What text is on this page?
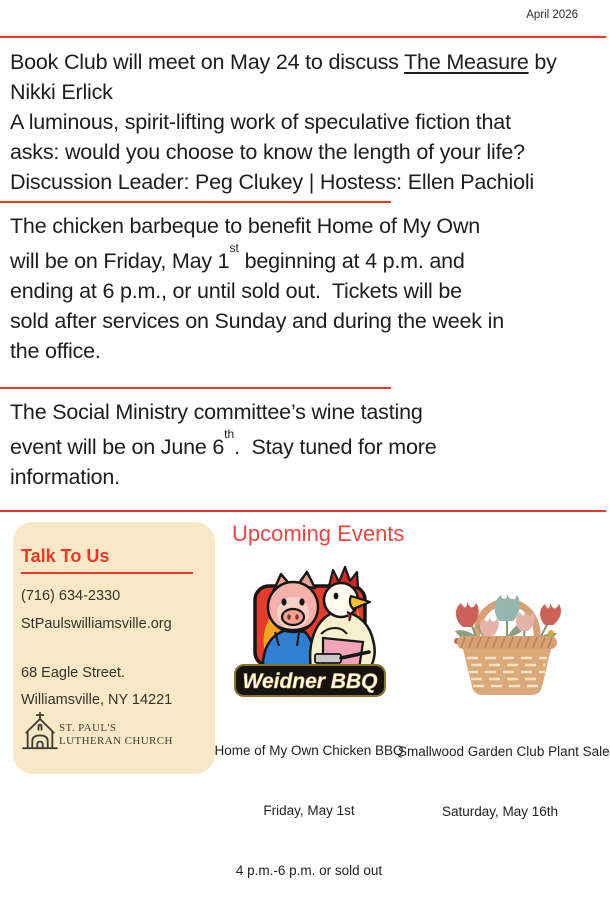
April 2026
Book Club will meet on May 24 to discuss The Measure by
Nikki Erlick
A luminous, spirit-lifting work of speculative fiction that
asks: would you choose to know the length of your life?
Discussion Leader: Peg Clukey | Hostess: Ellen Pachioli
The chicken barbeque to benefit Home of My Own
will be on Friday, May 1st beginning at 4 p.m. and
ending at 6 p.m., or until sold out.  Tickets will be
sold after services on Sunday and during the week in
the office.
The Social Ministry committee’s wine tasting
event will be on June 6th.  Stay tuned for more
information.
Talk To Us
(716) 634-2330
StPaulswilliamsville.org
68 Eagle Street.
Williamsville, NY 14221
ST. PAUL'S
LUTHERAN CHURCH
Upcoming Events
Weidner BBQ

Home of My Own Chicken BBQ

Friday, May 1st

4 p.m.-6 p.m. or sold out

Smallwood Garden Club Plant Sale

Saturday, May 16th
